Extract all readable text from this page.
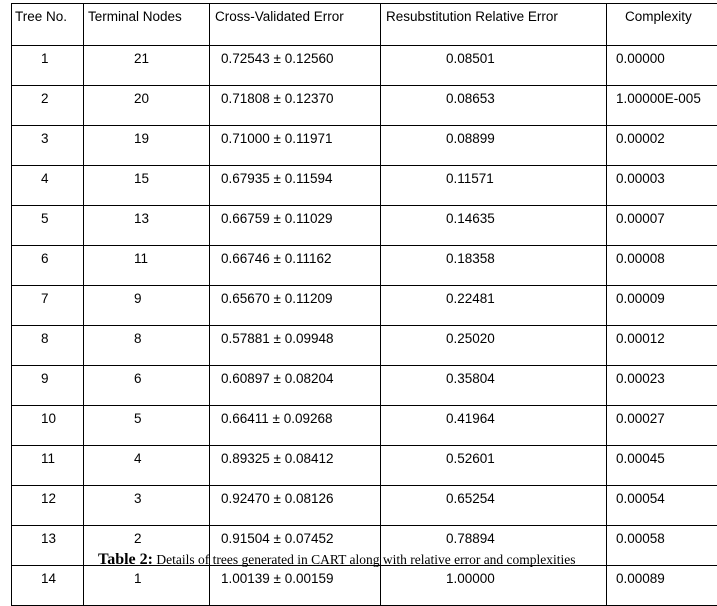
Tree No.	Terminal Nodes	Cross-Validated Error	Resubstitution Relative Error	Complexity
1	21	0.72543 ± 0.12560	0.08501	0.00000
2	20	0.71808 ± 0.12370	0.08653	1.00000E-005
3	19	0.71000 ± 0.11971	0.08899	0.00002
4	15	0.67935 ± 0.11594	0.11571	0.00003
5	13	0.66759 ± 0.11029	0.14635	0.00007
6	11	0.66746 ± 0.11162	0.18358	0.00008
7	9	0.65670 ± 0.11209	0.22481	0.00009
8	8	0.57881 ± 0.09948	0.25020	0.00012
9	6	0.60897 ± 0.08204	0.35804	0.00023
10	5	0.66411 ± 0.09268	0.41964	0.00027
11	4	0.89325 ± 0.08412	0.52601	0.00045
12	3	0.92470 ± 0.08126	0.65254	0.00054
13	2	0.91504 ± 0.07452	0.78894	0.00058
14	1	1.00139 ± 0.00159	1.00000	0.00089
Table 2: Details of trees generated in CART along with relative error and complexities
